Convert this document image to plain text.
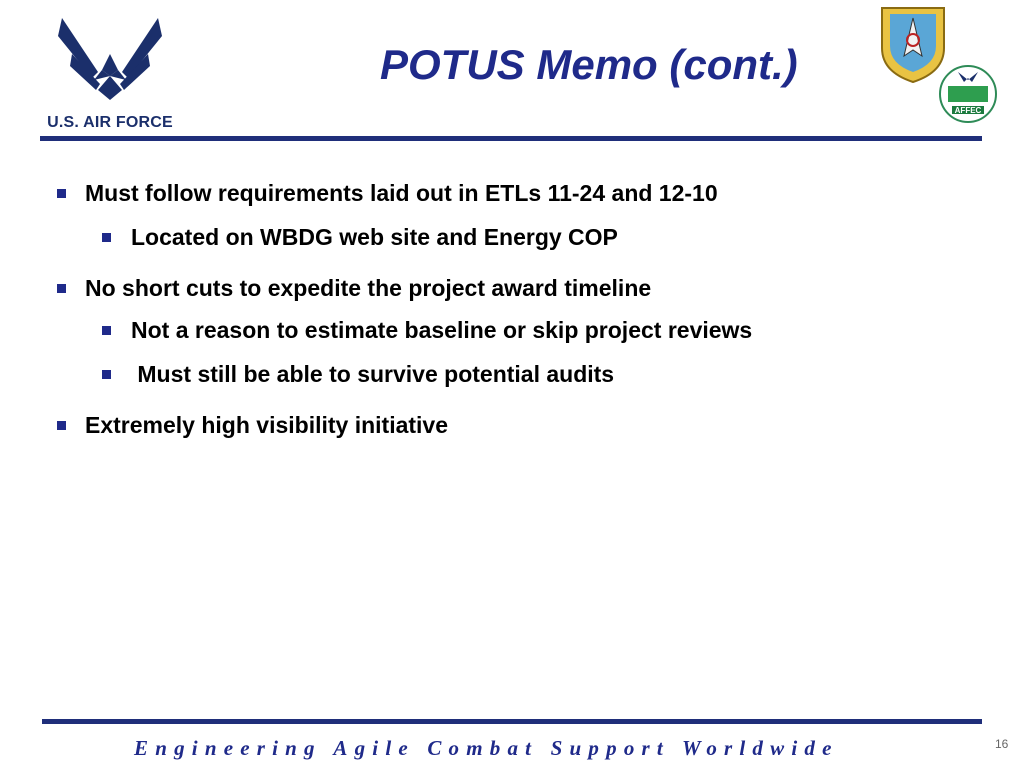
U.S. AIR FORCE
POTUS Memo (cont.)
AFFEC
Must follow requirements laid out in ETLs 11-24 and 12-10
Located on WBDG web site and Energy COP
No short cuts to expedite the project award timeline
Not a reason to estimate baseline or skip project reviews
Must still be able to survive potential audits
Extremely high visibility initiative
Engineering Agile Combat Support Worldwide	16
